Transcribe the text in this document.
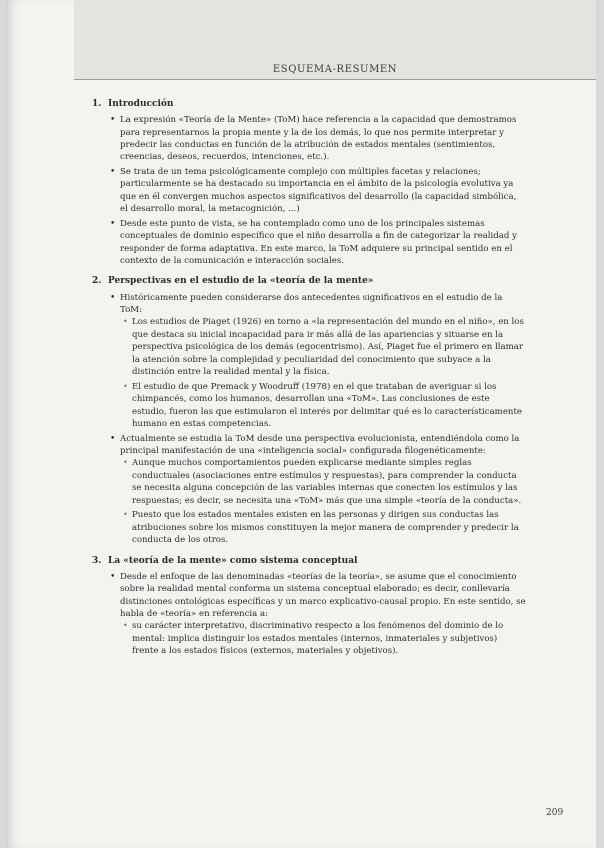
ESQUEMA-RESUMEN
1. Introducción
• La expresión «Teoría de la Mente» (ToM) hace referencia a la capacidad que demostramos para representarnos la propia mente y la de los demás, lo que nos permite interpretar y predecir las conductas en función de la atribución de estados mentales (sentimientos, creencias, deseos, recuerdos, intenciones, etc.).
• Se trata de un tema psicológicamente complejo con múltiples facetas y relaciones; particularmente se ha destacado su importancia en el ámbito de la psicología evolutiva ya que en él convergen muchos aspectos significativos del desarrollo (la capacidad simbólica, el desarrollo moral, la metacognición, ...)
• Desde este punto de vista, se ha contemplado como uno de los principales sistemas conceptuales de dominio específico que el niño desarrolla a fin de categorizar la realidad y responder de forma adaptativa. En este marco, la ToM adquiere su principal sentido en el contexto de la comunicación e interacción sociales.
2. Perspectivas en el estudio de la «teoría de la mente»
• Históricamente pueden considerarse dos antecedentes significativos en el estudio de la ToM:
• Los estudios de Piaget (1926) en torno a «la representación del mundo en el niño», en los que destaca su inicial incapacidad para ir más allá de las apariencias y situarse en la perspectiva psicológica de los demás (egocentrismo). Así, Piaget fue el primero en llamar la atención sobre la complejidad y peculiaridad del conocimiento que subyace a la distinción entre la realidad mental y la física.
• El estudio de que Premack y Woodruff (1978) en el que trataban de averiguar si los chimpancés, como los humanos, desarrollan una «ToM». Las conclusiones de este estudio, fueron las que estimularon el interés por delimitar qué es lo característicamente humano en estas competencias.
• Actualmente se estudia la ToM desde una perspectiva evolucionista, entendiéndola como la principal manifestación de una «inteligencia social» configurada filogenéticamente:
• Aunque muchos comportamientos pueden explicarse mediante simples reglas conductuales (asociaciones entre estímulos y respuestas), para comprender la conducta se necesita alguna concepción de las variables internas que conecten los estímulos y las respuestas; es decir, se necesita una «ToM» más que una simple «teoría de la conducta».
• Puesto que los estados mentales existen en las personas y dirigen sus conductas las atribuciones sobre los mismos constituyen la mejor manera de comprender y predecir la conducta de los otros.
3. La «teoría de la mente» como sistema conceptual
• Desde el enfoque de las denominadas «teorías de la teoría», se asume que el conocimiento sobre la realidad mental conforma un sistema conceptual elaborado; es decir, conllevaría distinciones ontológicas específicas y un marco explicativo-causal propio. En este sentido, se habla de «teoría» en referencia a:
• su carácter interpretativo, discriminativo respecto a los fenómenos del dominio de lo mental: implica distinguir los estados mentales (internos, inmateriales y subjetivos) frente a los estados físicos (externos, materiales y objetivos).
209
